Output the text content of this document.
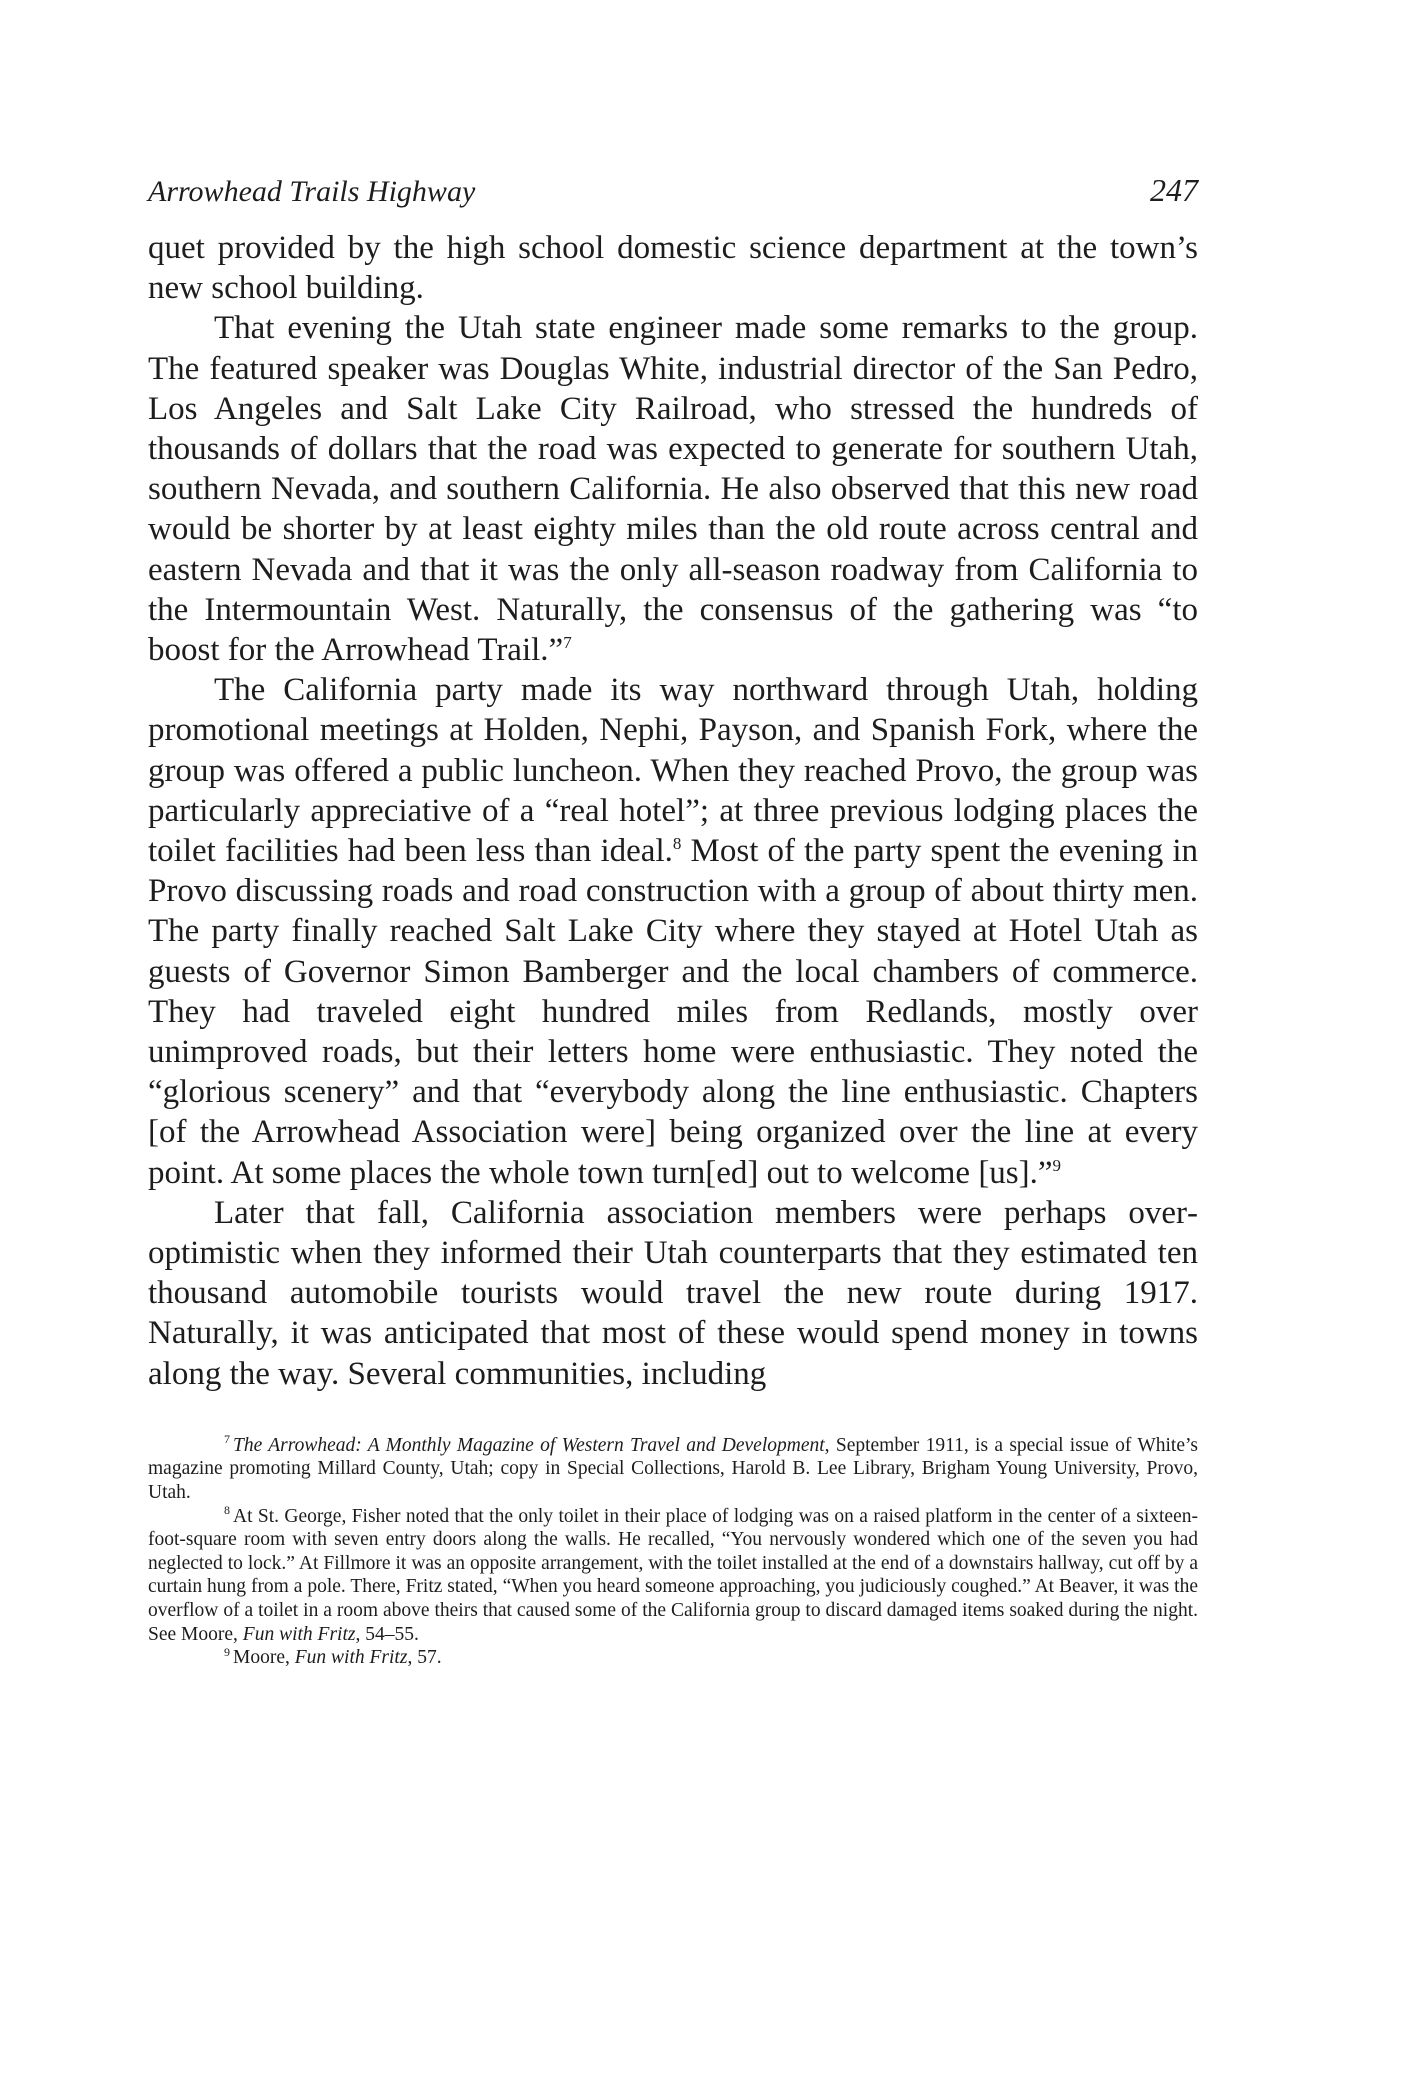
Arrowhead Trails Highway	247

quet provided by the high school domestic science department at the town’s new school building.

That evening the Utah state engineer made some remarks to the group. The featured speaker was Douglas White, industrial director of the San Pedro, Los Angeles and Salt Lake City Railroad, who stressed the hundreds of thousands of dollars that the road was expected to generate for southern Utah, southern Nevada, and southern California. He also observed that this new road would be shorter by at least eighty miles than the old route across central and eastern Nevada and that it was the only all-season roadway from California to the Intermountain West. Naturally, the consensus of the gathering was “to boost for the Arrowhead Trail.”$^7$

The California party made its way northward through Utah, holding promotional meetings at Holden, Nephi, Payson, and Spanish Fork, where the group was offered a public luncheon. When they reached Provo, the group was particularly appreciative of a “real hotel”; at three previous lodging places the toilet facilities had been less than ideal.$^8$ Most of the party spent the evening in Provo discussing roads and road construction with a group of about thirty men. The party finally reached Salt Lake City where they stayed at Hotel Utah as guests of Governor Simon Bamberger and the local chambers of commerce. They had traveled eight hundred miles from Redlands, mostly over unimproved roads, but their letters home were enthusiastic. They noted the “glorious scenery” and that “everybody along the line enthusiastic. Chapters [of the Arrowhead Association were] being organized over the line at every point. At some places the whole town turn[ed] out to welcome [us].”$^9$

Later that fall, California association members were perhaps overoptimistic when they informed their Utah counterparts that they estimated ten thousand automobile tourists would travel the new route during 1917. Naturally, it was anticipated that most of these would spend money in towns along the way. Several communities, including

$^7$ The Arrowhead: A Monthly Magazine of Western Travel and Development, September 1911, is a special issue of White’s magazine promoting Millard County, Utah; copy in Special Collections, Harold B. Lee Library, Brigham Young University, Provo, Utah.

$^8$ At St. George, Fisher noted that the only toilet in their place of lodging was on a raised platform in the center of a sixteen-foot-square room with seven entry doors along the walls. He recalled, “You nervously wondered which one of the seven you had neglected to lock.” At Fillmore it was an opposite arrangement, with the toilet installed at the end of a downstairs hallway, cut off by a curtain hung from a pole. There, Fritz stated, “When you heard someone approaching, you judiciously coughed.” At Beaver, it was the overflow of a toilet in a room above theirs that caused some of the California group to discard damaged items soaked during the night. See Moore, Fun with Fritz, 54–55.

$^9$ Moore, Fun with Fritz, 57.
